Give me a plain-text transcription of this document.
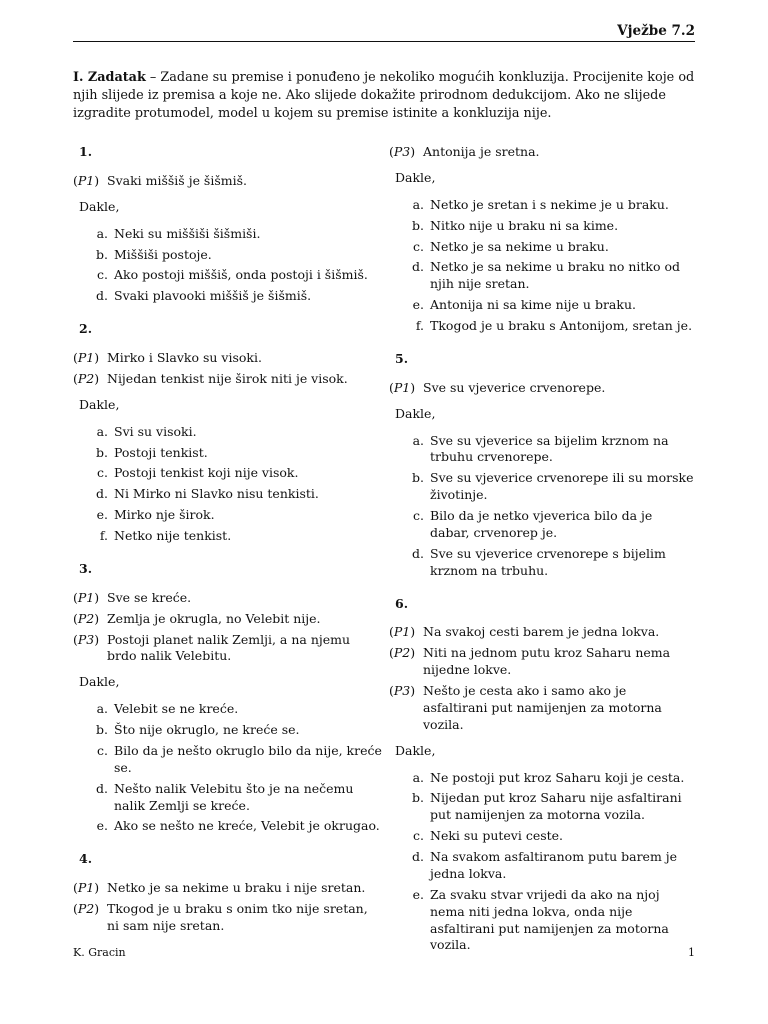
Vježbe 7.2
I. Zadatak – Zadane su premise i ponuđeno je nekoliko mogućih konkluzija. Procijenite koje od njih slijede iz premisa a koje ne. Ako slijede dokažite prirodnom dedukcijom. Ako ne slijede izgradite protumodel, model u kojem su premise istinite a konkluzija nije.
1.
(P1) Svaki miššiš je šišmiš.
Dakle,
a. Neki su miššiši šišmiši.
b. Miššiši postoje.
c. Ako postoji miššiš, onda postoji i šišmiš.
d. Svaki plavooki miššiš je šišmiš.
2.
(P1) Mirko i Slavko su visoki.
(P2) Nijedan tenkist nije širok niti je visok.
Dakle,
a. Svi su visoki.
b. Postoji tenkist.
c. Postoji tenkist koji nije visok.
d. Ni Mirko ni Slavko nisu tenkisti.
e. Mirko nje širok.
f. Netko nije tenkist.
3.
(P1) Sve se kreće.
(P2) Zemlja je okrugla, no Velebit nije.
(P3) Postoji planet nalik Zemlji, a na njemu brdo nalik Velebitu.
Dakle,
a. Velebit se ne kreće.
b. Što nije okruglo, ne kreće se.
c. Bilo da je nešto okruglo bilo da nije, kreće se.
d. Nešto nalik Velebitu što je na nečemu nalik Zemlji se kreće.
e. Ako se nešto ne kreće, Velebit je okrugao.
4.
(P1) Netko je sa nekime u braku i nije sretan.
(P2) Tkogod je u braku s onim tko nije sretan, ni sam nije sretan.
(P3) Antonija je sretna.
Dakle,
a. Netko je sretan i s nekime je u braku.
b. Nitko nije u braku ni sa kime.
c. Netko je sa nekime u braku.
d. Netko je sa nekime u braku no nitko od njih nije sretan.
e. Antonija ni sa kime nije u braku.
f. Tkogod je u braku s Antonijom, sretan je.
5.
(P1) Sve su vjeverice crvenorepe.
Dakle,
a. Sve su vjeverice sa bijelim krznom na trbuhu crvenorepe.
b. Sve su vjeverice crvenorepe ili su morske životinje.
c. Bilo da je netko vjeverica bilo da je dabar, crvenorep je.
d. Sve su vjeverice crvenorepe s bijelim krznom na trbuhu.
6.
(P1) Na svakoj cesti barem je jedna lokva.
(P2) Niti na jednom putu kroz Saharu nema nijedne lokve.
(P3) Nešto je cesta ako i samo ako je asfaltirani put namijenjen za motorna vozila.
Dakle,
a. Ne postoji put kroz Saharu koji je cesta.
b. Nijedan put kroz Saharu nije asfaltirani put namijenjen za motorna vozila.
c. Neki su putevi ceste.
d. Na svakom asfaltiranom putu barem je jedna lokva.
e. Za svaku stvar vrijedi da ako na njoj nema niti jedna lokva, onda nije asfaltirani put namijenjen za motorna vozila.
K. Gracin	1
